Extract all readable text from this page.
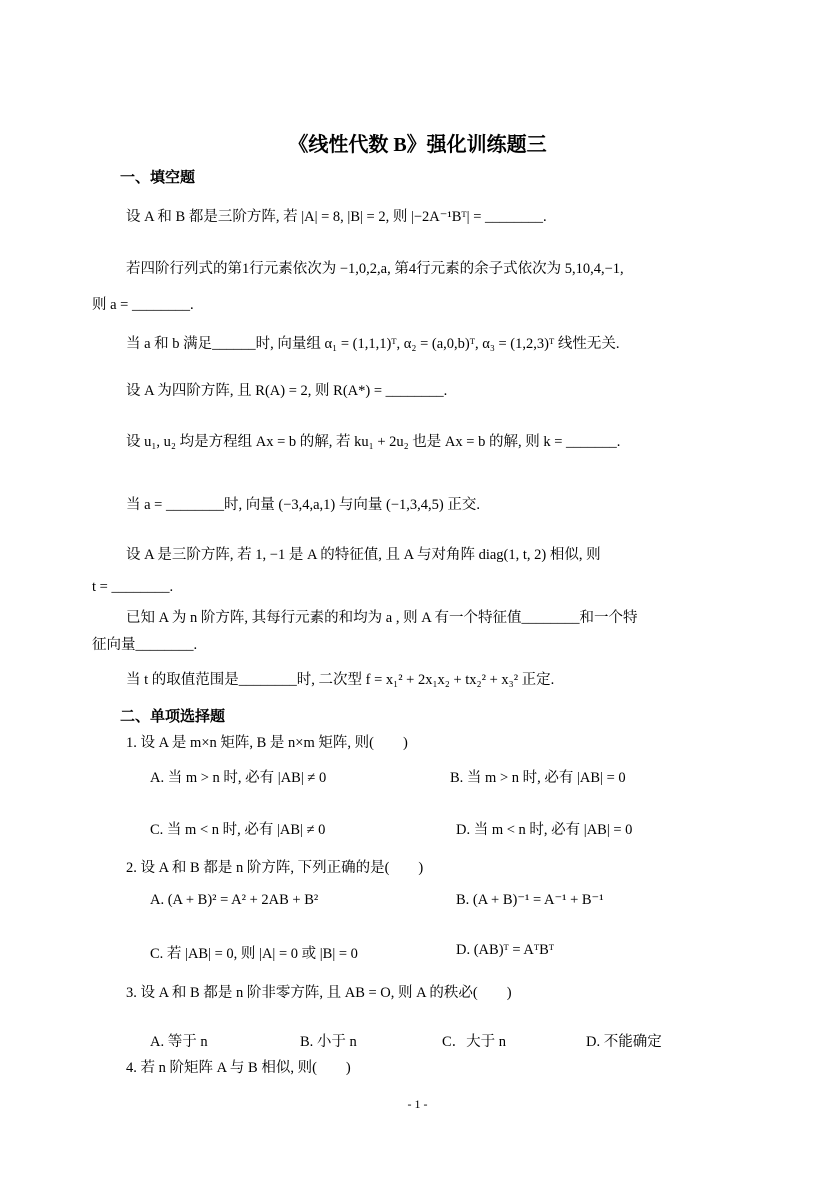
《线性代数 B》强化训练题三
一、填空题
设 A 和 B 都是三阶方阵, 若 |A| = 8, |B| = 2, 则 |−2A⁻¹Bᵀ| = ________.
若四阶行列式的第1行元素依次为 −1,0,2,a, 第4行元素的余子式依次为 5,10,4,−1,
则 a = ________.
当 a 和 b 满足______时, 向量组 α₁ = (1,1,1)ᵀ, α₂ = (a,0,b)ᵀ, α₃ = (1,2,3)ᵀ 线性无关.
设 A 为四阶方阵, 且 R(A) = 2, 则 R(A*) = ________.
设 u₁, u₂ 均是方程组 Ax = b 的解, 若 ku₁ + 2u₂ 也是 Ax = b 的解, 则 k = _______.
当 a = ________时, 向量 (−3,4,a,1) 与向量 (−1,3,4,5) 正交.
设 A 是三阶方阵, 若 1, −1 是 A 的特征值, 且 A 与对角阵 diag(1, t, 2) 相似, 则
t = ________.
已知 A 为 n 阶方阵, 其每行元素的和均为 a , 则 A 有一个特征值________和一个特
征向量________.
当 t 的取值范围是________时, 二次型 f = x₁² + 2x₁x₂ + tx₂² + x₃² 正定.
二、单项选择题
1. 设 A 是 m×n 矩阵, B 是 n×m 矩阵, 则(　　)
A. 当 m > n 时, 必有 |AB| ≠ 0	B. 当 m > n 时, 必有 |AB| = 0
C. 当 m < n 时, 必有 |AB| ≠ 0	D. 当 m < n 时, 必有 |AB| = 0
2. 设 A 和 B 都是 n 阶方阵, 下列正确的是(　　)
A. (A + B)² = A² + 2AB + B²	B. (A + B)⁻¹ = A⁻¹ + B⁻¹
C. 若 |AB| = 0, 则 |A| = 0 或 |B| = 0	D. (AB)ᵀ = AᵀBᵀ
3. 设 A 和 B 都是 n 阶非零方阵, 且 AB = O, 则 A 的秩必(　　)
A. 等于 n	B. 小于 n	C．大于 n	D. 不能确定
4. 若 n 阶矩阵 A 与 B 相似, 则(　　)
- 1 -
